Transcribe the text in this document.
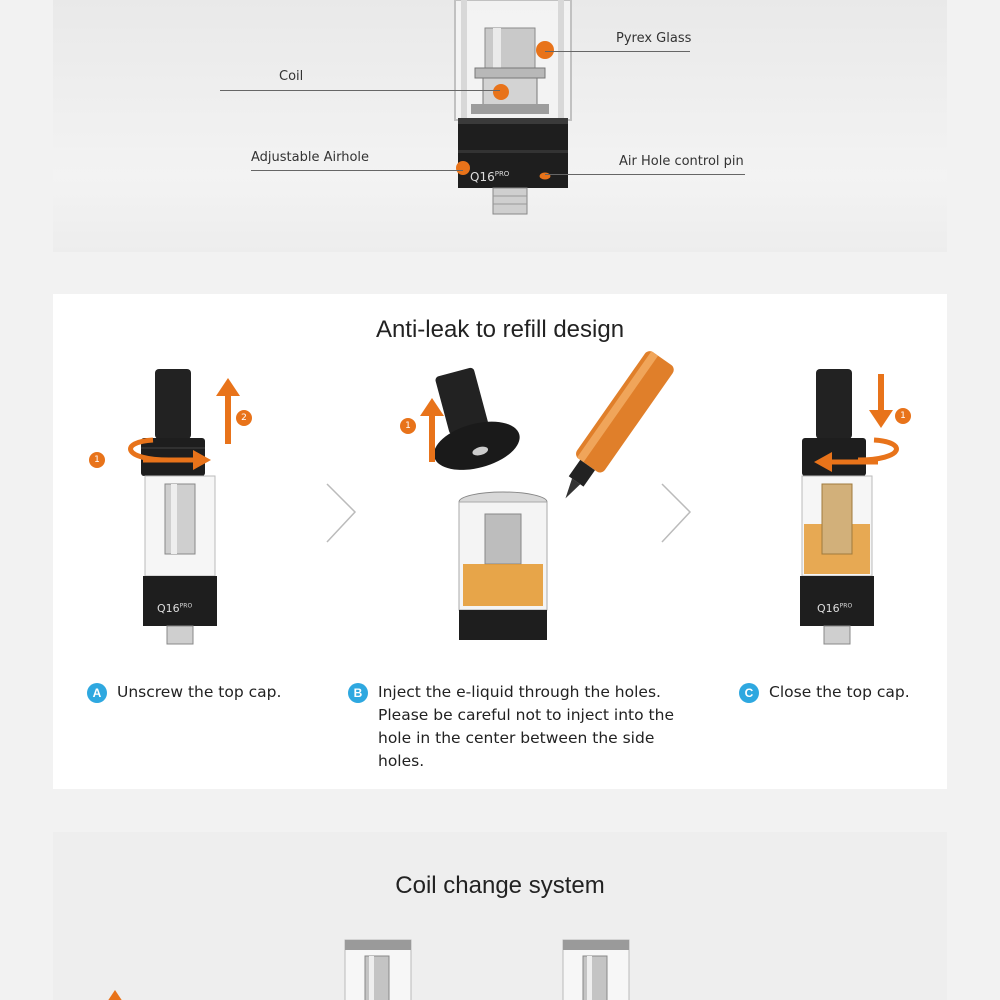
$Q16^{PRO}$
Pyrex Glass
Coil
Adjustable Airhole	Air Hole control pin
Anti-leak to refill design
1
2
$Q16^{PRO}$
1
1
$Q16^{PRO}$
A	Unscrew the top cap.	B	Inject the e-liquid through the holes. Please be careful not to inject into the hole in the center between the side holes.
C	Close the top cap.
Coil change system
